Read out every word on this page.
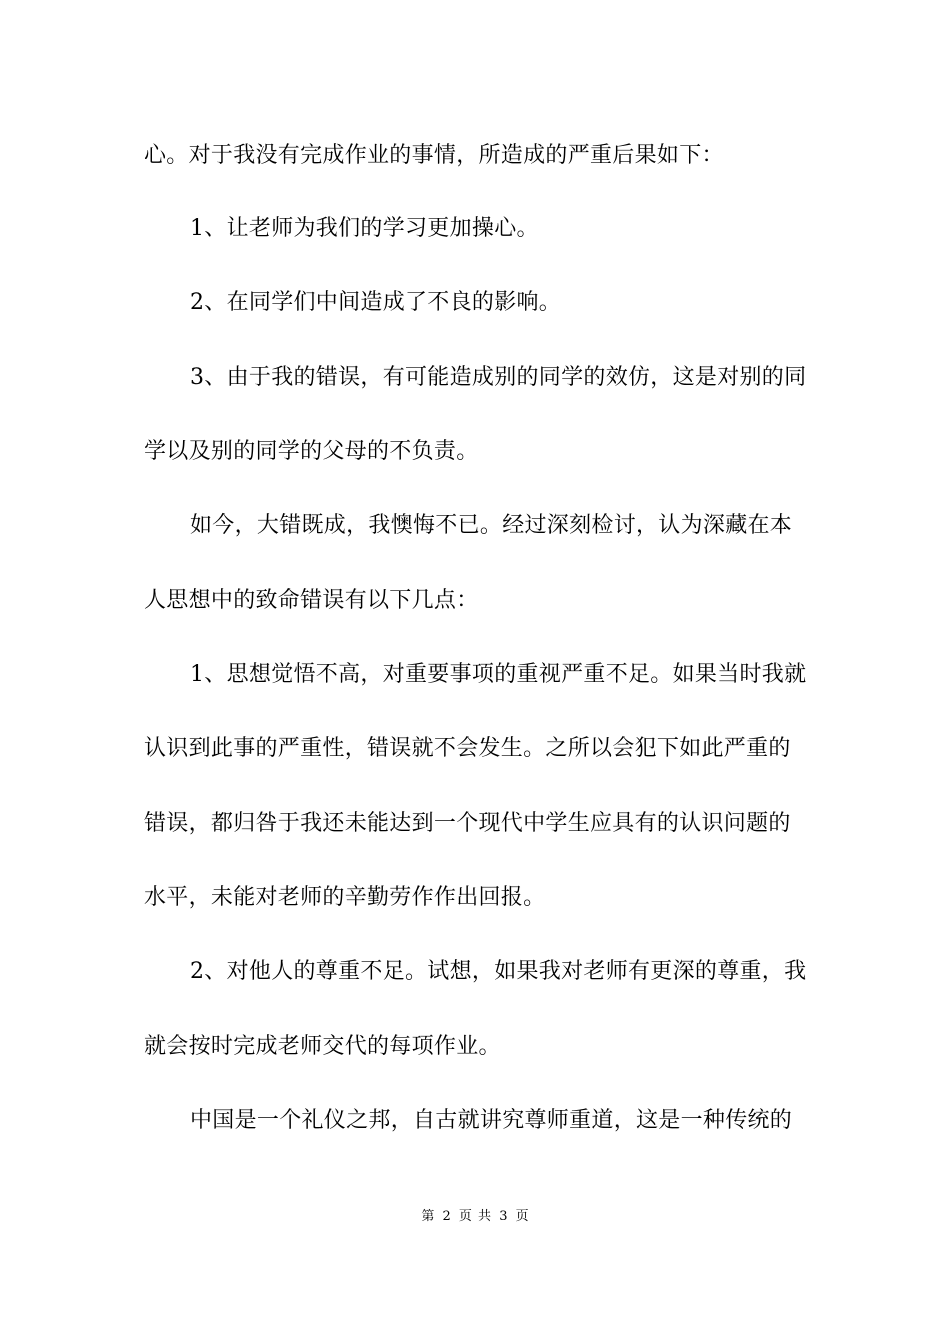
心。对于我没有完成作业的事情，所造成的严重后果如下：
1、让老师为我们的学习更加操心。
2、在同学们中间造成了不良的影响。
3、由于我的错误，有可能造成别的同学的效仿，这是对别的同
学以及别的同学的父母的不负责。
如今，大错既成，我懊悔不已。经过深刻检讨，认为深藏在本
人思想中的致命错误有以下几点：
1、思想觉悟不高，对重要事项的重视严重不足。如果当时我就
认识到此事的严重性，错误就不会发生。之所以会犯下如此严重的
错误，都归咎于我还未能达到一个现代中学生应具有的认识问题的
水平，未能对老师的辛勤劳作作出回报。
2、对他人的尊重不足。试想，如果我对老师有更深的尊重，我
就会按时完成老师交代的每项作业。
中国是一个礼仪之邦，自古就讲究尊师重道，这是一种传统的
第 2 页 共 3 页
